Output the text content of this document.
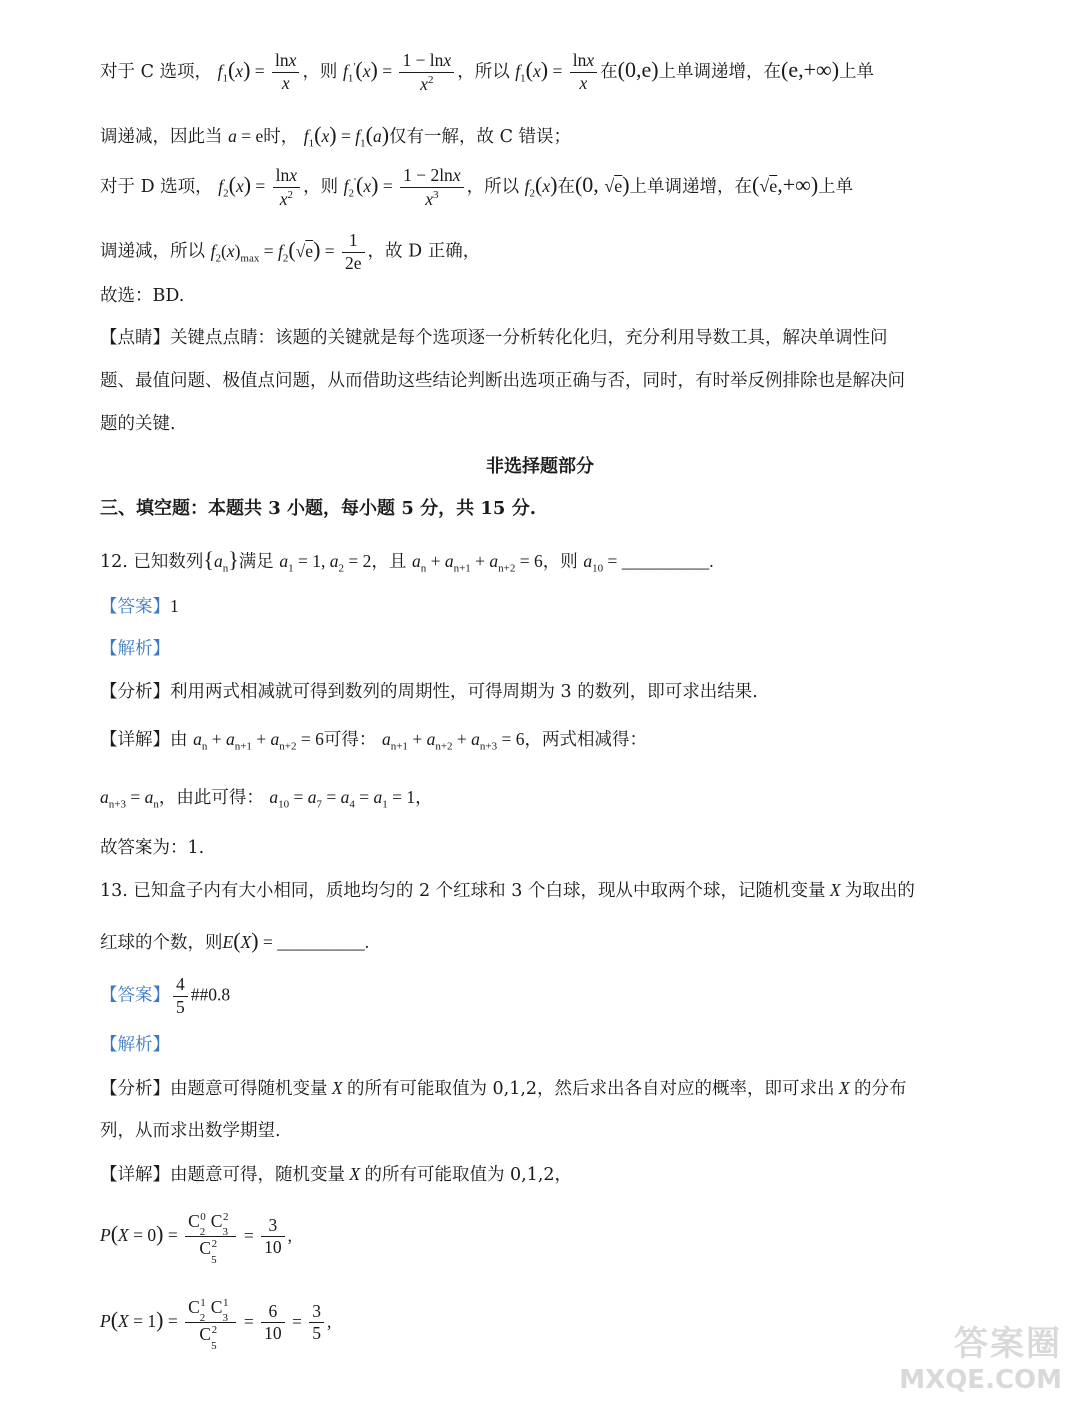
对于 C 选项， $f_1(x) = \frac{\ln x}{x}$ ，则 $f_1'(x) = \frac{1 - \ln x}{x^2}$ ，所以 $f_1(x) = \frac{\ln x}{x}$ 在(0,e)上单调递增，在(e,+∞)上单
调递减，因此当 a = e时， $f_1(x) = f_1(a)$仅有一解，故 C 错误；
对于 D 选项， $f_2(x) = \frac{\ln x}{x^2}$ ，则 $f_2'(x) = \frac{1 - 2\ln x}{x^3}$ ，所以 $f_2(x)$在(0, √e)上单调递增，在(√e,+∞)上单
调递减，所以 $f_2(x)_{max} = f_2(√e) = \frac{1}{2e}$ ，故 D 正确，
故选：BD.
【点睛】关键点点睛：该题的关键就是每个选项逐一分析转化化归，充分利用导数工具，解决单调性问
题、最值问题、极值点问题，从而借助这些结论判断出选项正确与否，同时，有时举反例排除也是解决问
题的关键.
非选择题部分
三、填空题：本题共 3 小题，每小题 5 分，共 15 分.
12. 已知数列$\{a_n\}$满足 $a_1 = 1$, $a_2 = 2$，且 $a_n + a_{n+1} + a_{n+2} = 6$，则 $a_{10}$ = __________.
【答案】1
【解析】
【分析】利用两式相减就可得到数列的周期性，可得周期为 3 的数列，即可求出结果.
【详解】由 $a_n + a_{n+1} + a_{n+2} = 6$可得： $a_{n+1} + a_{n+2} + a_{n+3} = 6$，两式相减得：
$a_{n+3} = a_n$，由此可得： $a_{10} = a_7 = a_4 = a_1 = 1$，
故答案为：1.
13. 已知盒子内有大小相同，质地均匀的 2 个红球和 3 个白球，现从中取两个球，记随机变量 X 为取出的
红球的个数，则E(X) = __________.
【答案】 $\frac{4}{5}$ ##0.8
【解析】
【分析】由题意可得随机变量 X 的所有可能取值为 0,1,2，然后求出各自对应的概率，即可求出 X 的分布
列，从而求出数学期望.
【详解】由题意可得，随机变量 X 的所有可能取值为 0,1,2，
$P(X = 0) = \frac{C_2^0 C_3^2}{C_5^2} = \frac{3}{10}$ ,
$P(X = 1) = \frac{C_2^1 C_3^1}{C_5^2} = \frac{6}{10} = \frac{3}{5}$ ,
答案圈
MXQE.COM
